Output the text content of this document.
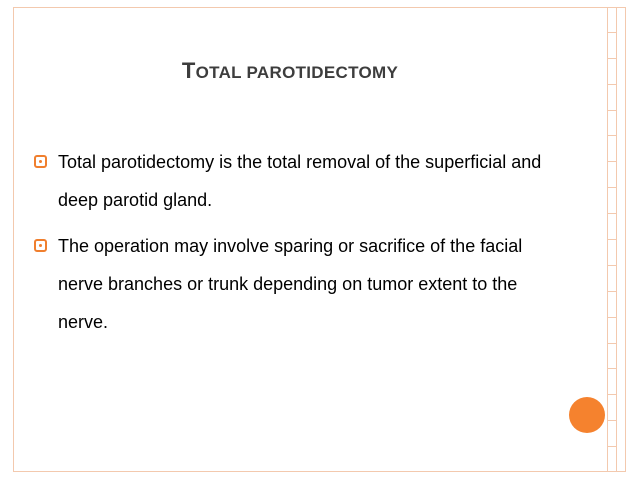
TOTAL PAROTIDECTOMY
Total parotidectomy is the total removal of the superficial and deep parotid gland.
The operation may involve sparing or sacrifice of the facial nerve branches or trunk depending on tumor extent to the nerve.
